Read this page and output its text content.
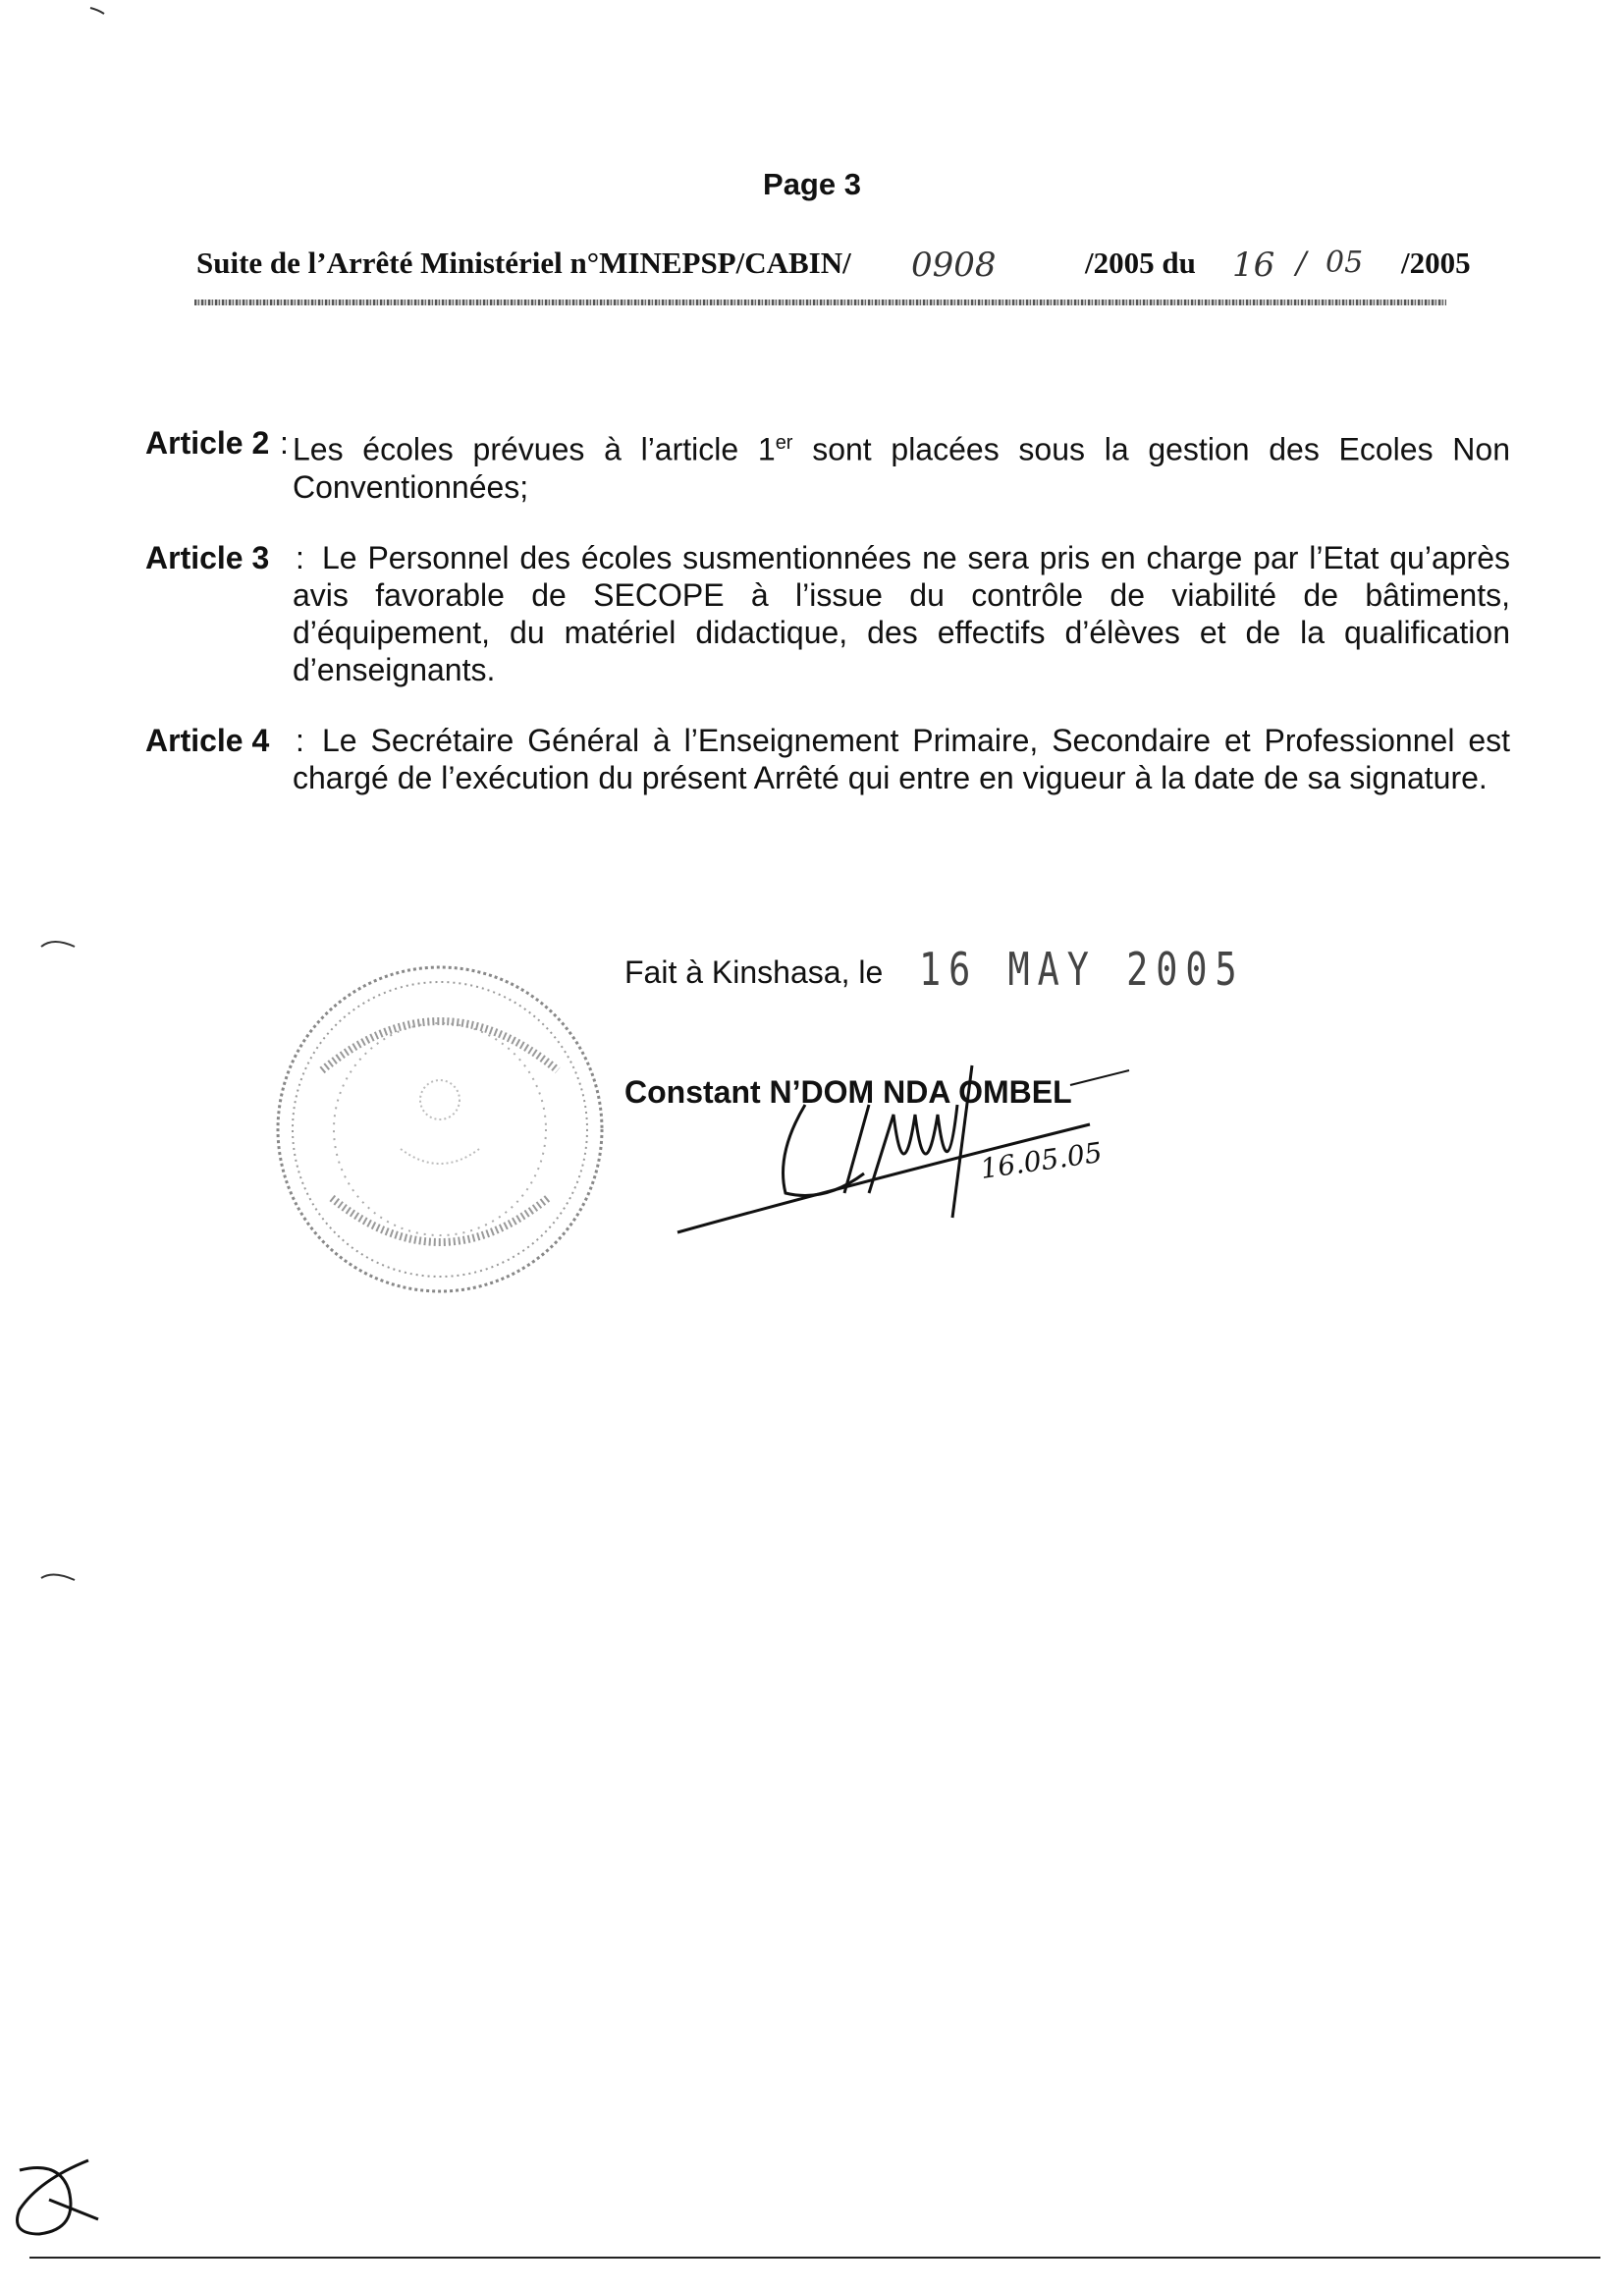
Page 3
Suite de l’Arrêté Ministériel n°MINEPSP/CABIN/ 0908	/2005 du 16 / 05 /2005
Article 2 : Les écoles prévues à l’article 1er sont placées sous la gestion des Ecoles Non Conventionnées;
Article 3 : Le Personnel des écoles susmentionnées ne sera pris en charge par l’Etat qu’après avis favorable de SECOPE à l’issue du contrôle de viabilité de bâtiments, d’équipement, du matériel didactique, des effectifs d’élèves et de la qualification d’enseignants.
Article 4 : Le Secrétaire Général à l’Enseignement Primaire, Secondaire et Professionnel est chargé de l’exécution du présent Arrêté qui entre en vigueur à la date de sa signature.
Fait à Kinshasa, le 16 MAY 2005
Constant N’DOM NDA OMBEL
16.05.05
